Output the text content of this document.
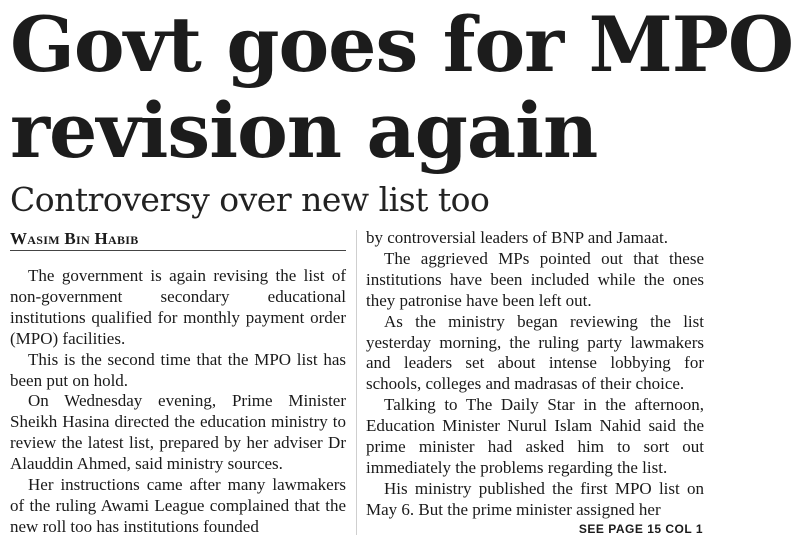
Govt goes for MPO
revision again
Controversy over new list too
Wasim Bin Habib

The government is again revising the list of non-government secondary educational institutions qualified for monthly payment order (MPO) facilities.

This is the second time that the MPO list has been put on hold.

On Wednesday evening, Prime Minister Sheikh Hasina directed the education ministry to review the latest list, prepared by her adviser Dr Alauddin Ahmed, said ministry sources.

Her instructions came after many lawmakers of the ruling Awami League complained that the new roll too has institutions founded

by controversial leaders of BNP and Jamaat.

The aggrieved MPs pointed out that these institutions have been included while the ones they patronise have been left out.

As the ministry began reviewing the list yesterday morning, the ruling party lawmakers and leaders set about intense lobbying for schools, colleges and madrasas of their choice.

Talking to The Daily Star in the afternoon, Education Minister Nurul Islam Nahid said the prime minister had asked him to sort out immediately the problems regarding the list.

His ministry published the first MPO list on May 6. But the prime minister assigned her

SEE PAGE 15 COL 1
